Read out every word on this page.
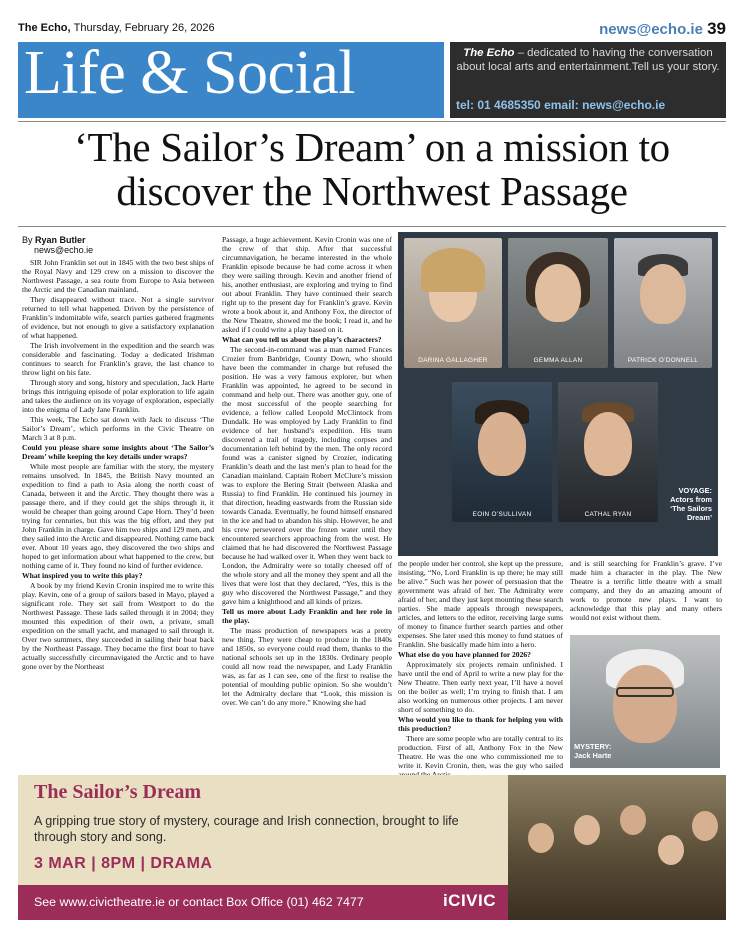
The Echo, Thursday, February 26, 2026	news@echo.ie 39
Life & Social	The Echo – dedicated to having the conversation about local arts and entertainment.Tell us your story.
tel: 01 4685350 email: news@echo.ie
‘The Sailor’s Dream’ on a mission to discover the Northwest Passage
By Ryan Butler
news@echo.ie

SIR John Franklin set out in 1845 with the two best ships of the Royal Navy and 129 crew on a mission to discover the Northwest Passage, a sea route from Europe to Asia between the Arctic and the Canadian mainland.

They disappeared without trace. Not a single survivor returned to tell what happened. Driven by the persistence of Franklin’s indomitable wife, search parties gathered fragments of evidence, but not enough to give a satisfactory explanation of what happened.

The Irish involvement in the expedition and the search was considerable and fascinating. Today a dedicated Irishman continues to search for Franklin’s grave, the last chance to throw light on his fate.

Through story and song, history and speculation, Jack Harte brings this intriguing episode of polar exploration to life again and takes the audience on its voyage of exploration, especially into the enigma of Lady Jane Franklin.

This week, The Echo sat down with Jack to discuss ‘The Sailor’s Dream’, which performs in the Civic Theatre on March 3 at 8 p.m.

Could you please share some insights about ‘The Sailor’s Dream’ while keeping the key details under wraps?

While most people are familiar with the story, the mystery remains unsolved. In 1845, the British Navy mounted an expedition to find a path to Asia along the north coast of Canada, between it and the Arctic. They thought there was a passage there, and if they could get the ships through it, it would be cheaper than going around Cape Horn. They’d been trying for centuries, but this was the big effort, and they put John Franklin in charge. Gave him two ships and 129 men, and they sailed into the Arctic and disappeared. Nothing came back ever. About 10 years ago, they discovered the two ships and hoped to get information about what happened to the crew, but nothing came of it. They found no kind of further evidence.

What inspired you to write this play?

A book by my friend Kevin Cronin inspired me to write this play. Kevin, one of a group of sailors based in Mayo, played a significant role. They set sail from Westport to do the Northwest Passage. These lads sailed through it in 2004; they mounted this expedition of their own, a private, small expedition on the small yacht, and managed to sail through it. Over two summers, they succeeded in sailing their boat back by the Northeast Passage. They became the first boat to have actually successfully circumnavigated the Arctic and to have gone over by the Northeast

Passage, a huge achievement. Kevin Cronin was one of the crew of that ship. After that successful circumnavigation, he became interested in the whole Franklin episode because he had come across it when they were sailing through. Kevin and another friend of his, another enthusiast, are exploring and trying to find out about Franklin. They have continued their search right up to the present day for Franklin’s grave. Kevin wrote a book about it, and Anthony Fox, the director of the New Theatre, showed me the book; I read it, and he asked if I could write a play based on it.

What can you tell us about the play’s characters?

The second-in-command was a man named Frances Crozier from Banbridge, County Down, who should have been the commander in charge but refused the position. He was a very famous explorer, but when Franklin was appointed, he agreed to be second in command and help out. There was another guy, one of the most successful of the people searching for evidence, a fellow called Leopold McClintock from Dundalk. He was employed by Lady Franklin to find evidence of her husband’s expedition. His team discovered a trail of tragedy, including corpses and documentation left behind by the men. The only record found was a canister signed by Crozier, indicating Franklin’s death and the last men’s plan to head for the Canadian mainland. Captain Robert McClure’s mission was to explore the Bering Strait (between Alaska and Russia) to find Franklin. He continued his journey in that direction, heading eastwards from the Russian side towards Canada. Eventually, he found himself ensnared in the ice and had to abandon his ship. However, he and his crew persevered over the frozen water until they encountered searchers approaching from the west. He claimed that he had discovered the Northwest Passage because he had walked over it. When they went back to London, the Admiralty were so totally cheesed off of the whole story and all the money they spent and all the lives that were lost that they declared, “Yes, this is the guy who discovered the Northwest Passage,” and they gave him a knighthood and all kinds of prizes.

Tell us more about Lady Franklin and her role in the play.

The mass production of newspapers was a pretty new thing. They were cheap to produce in the 1840s and 1850s, so everyone could read them, thanks to the national schools set up in the 1830s. Ordinary people could all now read the newspaper, and Lady Franklin was, as far as I can see, one of the first to realise the potential of moulding public opinion. So she wouldn’t let the Admiralty declare that “Look, this mission is over. We can’t do any more.” Knowing she had

the people under her control, she kept up the pressure, insisting, “No, Lord Franklin is up there; he may still be alive.” Such was her power of persuasion that the government was afraid of her. The Admiralty were afraid of her, and they just kept mounting these search parties. She made appeals through newspapers, articles, and letters to the editor, receiving large sums of money to finance further search parties and other expenses. She later used this money to fund statues of Franklin. She basically made him into a hero.

What else do you have planned for 2026?

Approximately six projects remain unfinished. I have until the end of April to write a new play for the New Theatre. Then early next year, I’ll have a novel on the boiler as well; I’m trying to finish that. I am also working on numerous other projects. I am never short of something to do.

Who would you like to thank for helping you with this production?

There are some people who are totally central to its production. First of all, Anthony Fox in the New Theatre. He was the one who commissioned me to write it. Kevin Cronin, then, was the guy who sailed

and is still searching for Franklin’s grave. I’ve made him a character in the play. The New Theatre is a terrific little theatre with a small company, and they do an amazing amount of work to promote new plays. I want to acknowledge that this play and many others would not exist without them.

DARINA GALLAGHER	GEMMA ALLAN	PATRICK O’DONNELL
EOIN O’SULLIVAN	CATHAL RYAN
VOYAGE:
Actors from ‘The Sailors Dream’
MYSTERY:
Jack Harte
The Sailor’s Dream
A gripping true story of mystery, courage and Irish connection, brought to life through story and song.
3 MAR | 8PM | DRAMA
See www.civictheatre.ie or contact Box Office (01) 462 7477	iCIVIC
